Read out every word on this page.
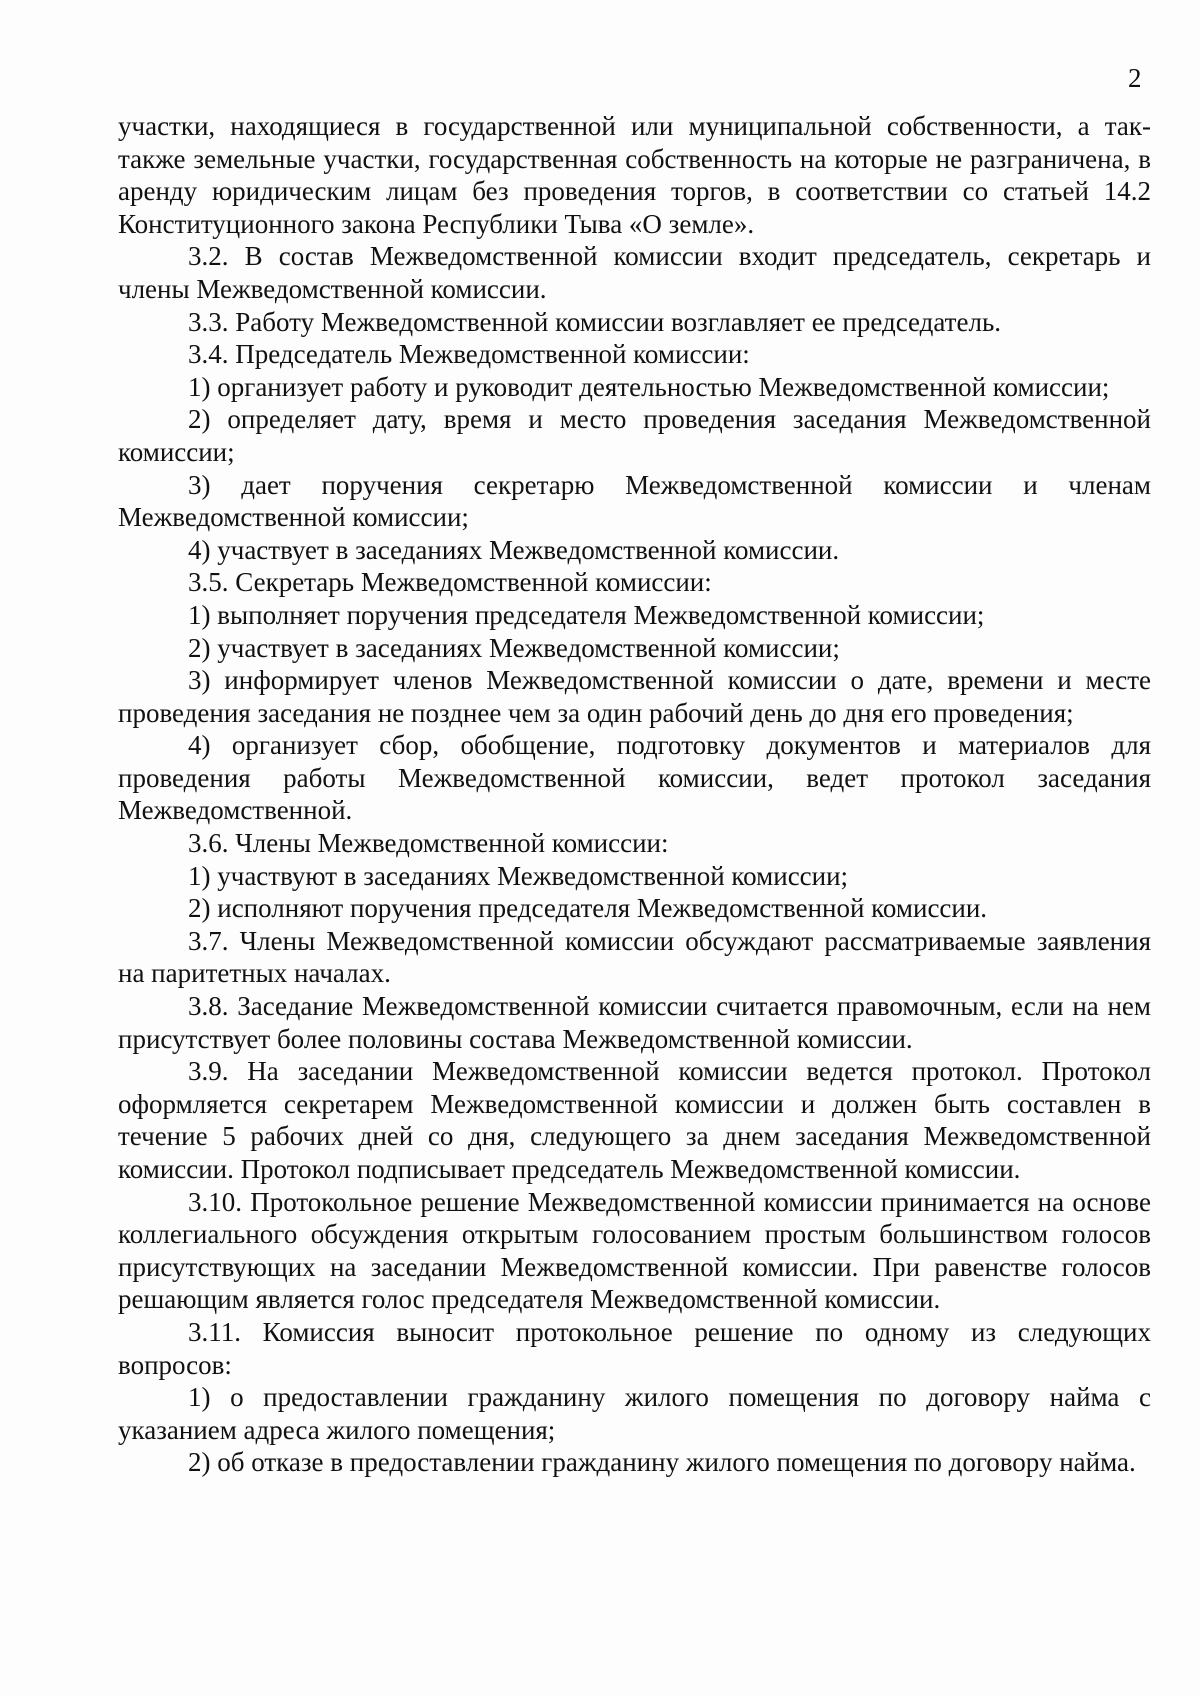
2

участки, находящиеся в государственной или муниципальной собственности, а так-также земельные участки, государственная собственность на которые не разграничена, в аренду юридическим лицам без проведения торгов, в соответствии со статьей 14.2 Конституционного закона Республики Тыва «О земле».

3.2. В состав Межведомственной комиссии входит председатель, секретарь и члены Межведомственной комиссии.

3.3. Работу Межведомственной комиссии возглавляет ее председатель.

3.4. Председатель Межведомственной комиссии:

1) организует работу и руководит деятельностью Межведомственной комиссии;

2) определяет дату, время и место проведения заседания Межведомственной комиссии;

3) дает поручения секретарю Межведомственной комиссии и членам Межведомственной комиссии;

4) участвует в заседаниях Межведомственной комиссии.

3.5. Секретарь Межведомственной комиссии:

1) выполняет поручения председателя Межведомственной комиссии;

2) участвует в заседаниях Межведомственной комиссии;

3) информирует членов Межведомственной комиссии о дате, времени и месте проведения заседания не позднее чем за один рабочий день до дня его проведения;

4) организует сбор, обобщение, подготовку документов и материалов для проведения работы Межведомственной комиссии, ведет протокол заседания Межведомственной.

3.6. Члены Межведомственной комиссии:

1) участвуют в заседаниях Межведомственной комиссии;

2) исполняют поручения председателя Межведомственной комиссии.

3.7. Члены Межведомственной комиссии обсуждают рассматриваемые заявления на паритетных началах.

3.8. Заседание Межведомственной комиссии считается правомочным, если на нем присутствует более половины состава Межведомственной комиссии.

3.9. На заседании Межведомственной комиссии ведется протокол. Протокол оформляется секретарем Межведомственной комиссии и должен быть составлен в течение 5 рабочих дней со дня, следующего за днем заседания Межведомственной комиссии. Протокол подписывает председатель Межведомственной комиссии.

3.10. Протокольное решение Межведомственной комиссии принимается на основе коллегиального обсуждения открытым голосованием простым большинством голосов присутствующих на заседании Межведомственной комиссии. При равенстве голосов решающим является голос председателя Межведомственной комиссии.

3.11. Комиссия выносит протокольное решение по одному из следующих вопросов:

1) о предоставлении гражданину жилого помещения по договору найма с указанием адреса жилого помещения;

2) об отказе в предоставлении гражданину жилого помещения по договору найма.
